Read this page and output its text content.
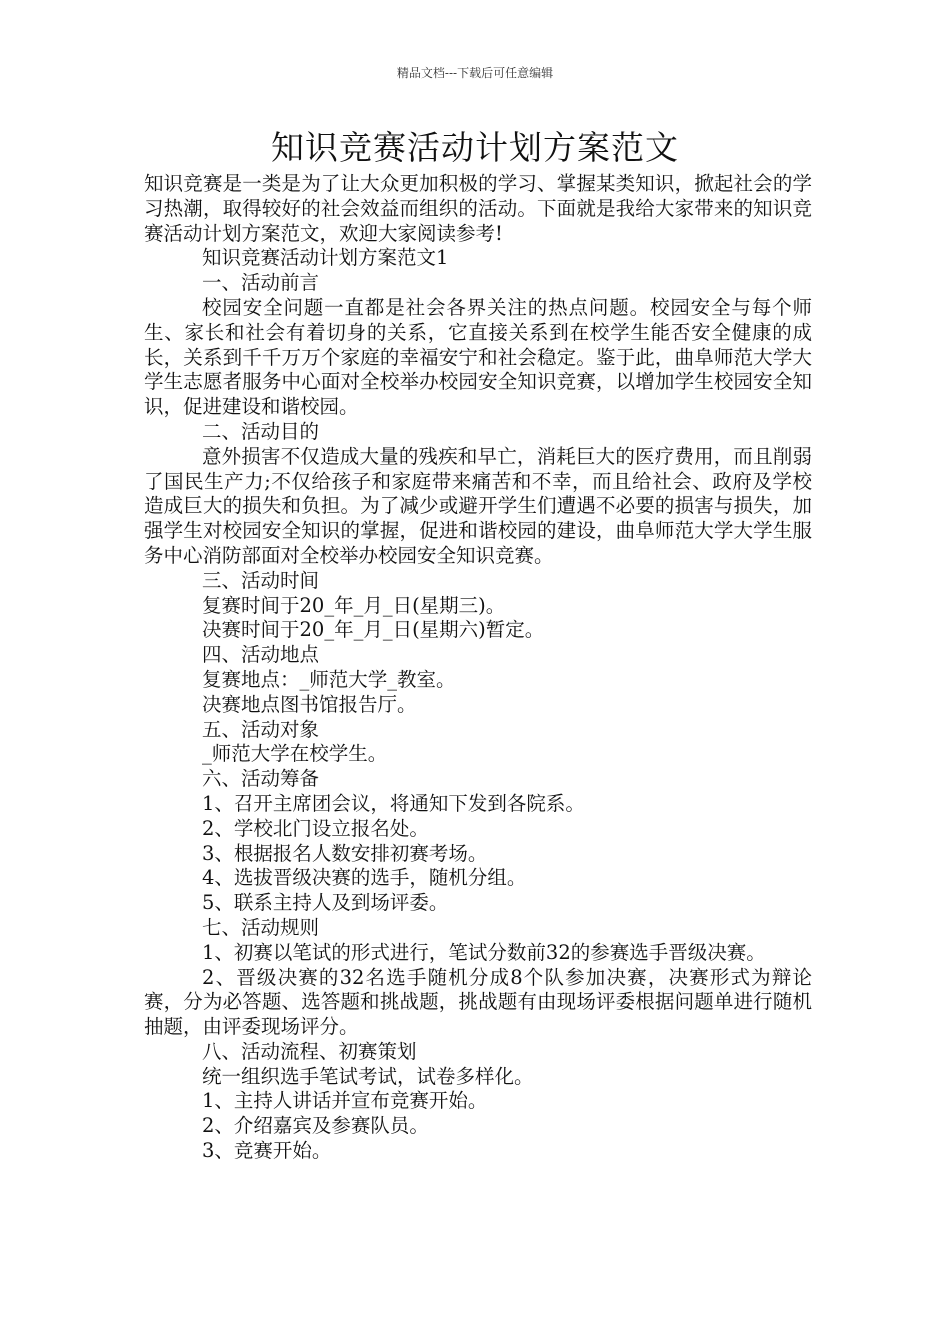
精品文档---下载后可任意编辑
知识竞赛活动计划方案范文

知识竞赛是一类是为了让大众更加积极的学习、掌握某类知识，掀起社会的学习热潮，取得较好的社会效益而组织的活动。下面就是我给大家带来的知识竞赛活动计划方案范文，欢迎大家阅读参考!

知识竞赛活动计划方案范文1

一、活动前言

校园安全问题一直都是社会各界关注的热点问题。校园安全与每个师生、家长和社会有着切身的关系，它直接关系到在校学生能否安全健康的成长，关系到千千万万个家庭的幸福安宁和社会稳定。鉴于此，曲阜师范大学大学生志愿者服务中心面对全校举办校园安全知识竞赛，以增加学生校园安全知识，促进建设和谐校园。

二、活动目的

意外损害不仅造成大量的残疾和早亡，消耗巨大的医疗费用，而且削弱了国民生产力;不仅给孩子和家庭带来痛苦和不幸，而且给社会、政府及学校造成巨大的损失和负担。为了减少或避开学生们遭遇不必要的损害与损失，加强学生对校园安全知识的掌握，促进和谐校园的建设，曲阜师范大学大学生服务中心消防部面对全校举办校园安全知识竞赛。

三、活动时间

复赛时间于20_年_月_日(星期三)。

决赛时间于20_年_月_日(星期六)暂定。

四、活动地点

复赛地点：_师范大学_教室。

决赛地点图书馆报告厅。

五、活动对象

_师范大学在校学生。

六、活动筹备

1、召开主席团会议，将通知下发到各院系。

2、学校北门设立报名处。

3、根据报名人数安排初赛考场。

4、选拔晋级决赛的选手，随机分组。

5、联系主持人及到场评委。

七、活动规则

1、初赛以笔试的形式进行，笔试分数前32的参赛选手晋级决赛。

2、晋级决赛的32名选手随机分成8个队参加决赛，决赛形式为辩论赛，分为必答题、选答题和挑战题，挑战题有由现场评委根据问题单进行随机抽题，由评委现场评分。

八、活动流程、初赛策划

统一组织选手笔试考试，试卷多样化。

1、主持人讲话并宣布竞赛开始。

2、介绍嘉宾及参赛队员。

3、竞赛开始。
